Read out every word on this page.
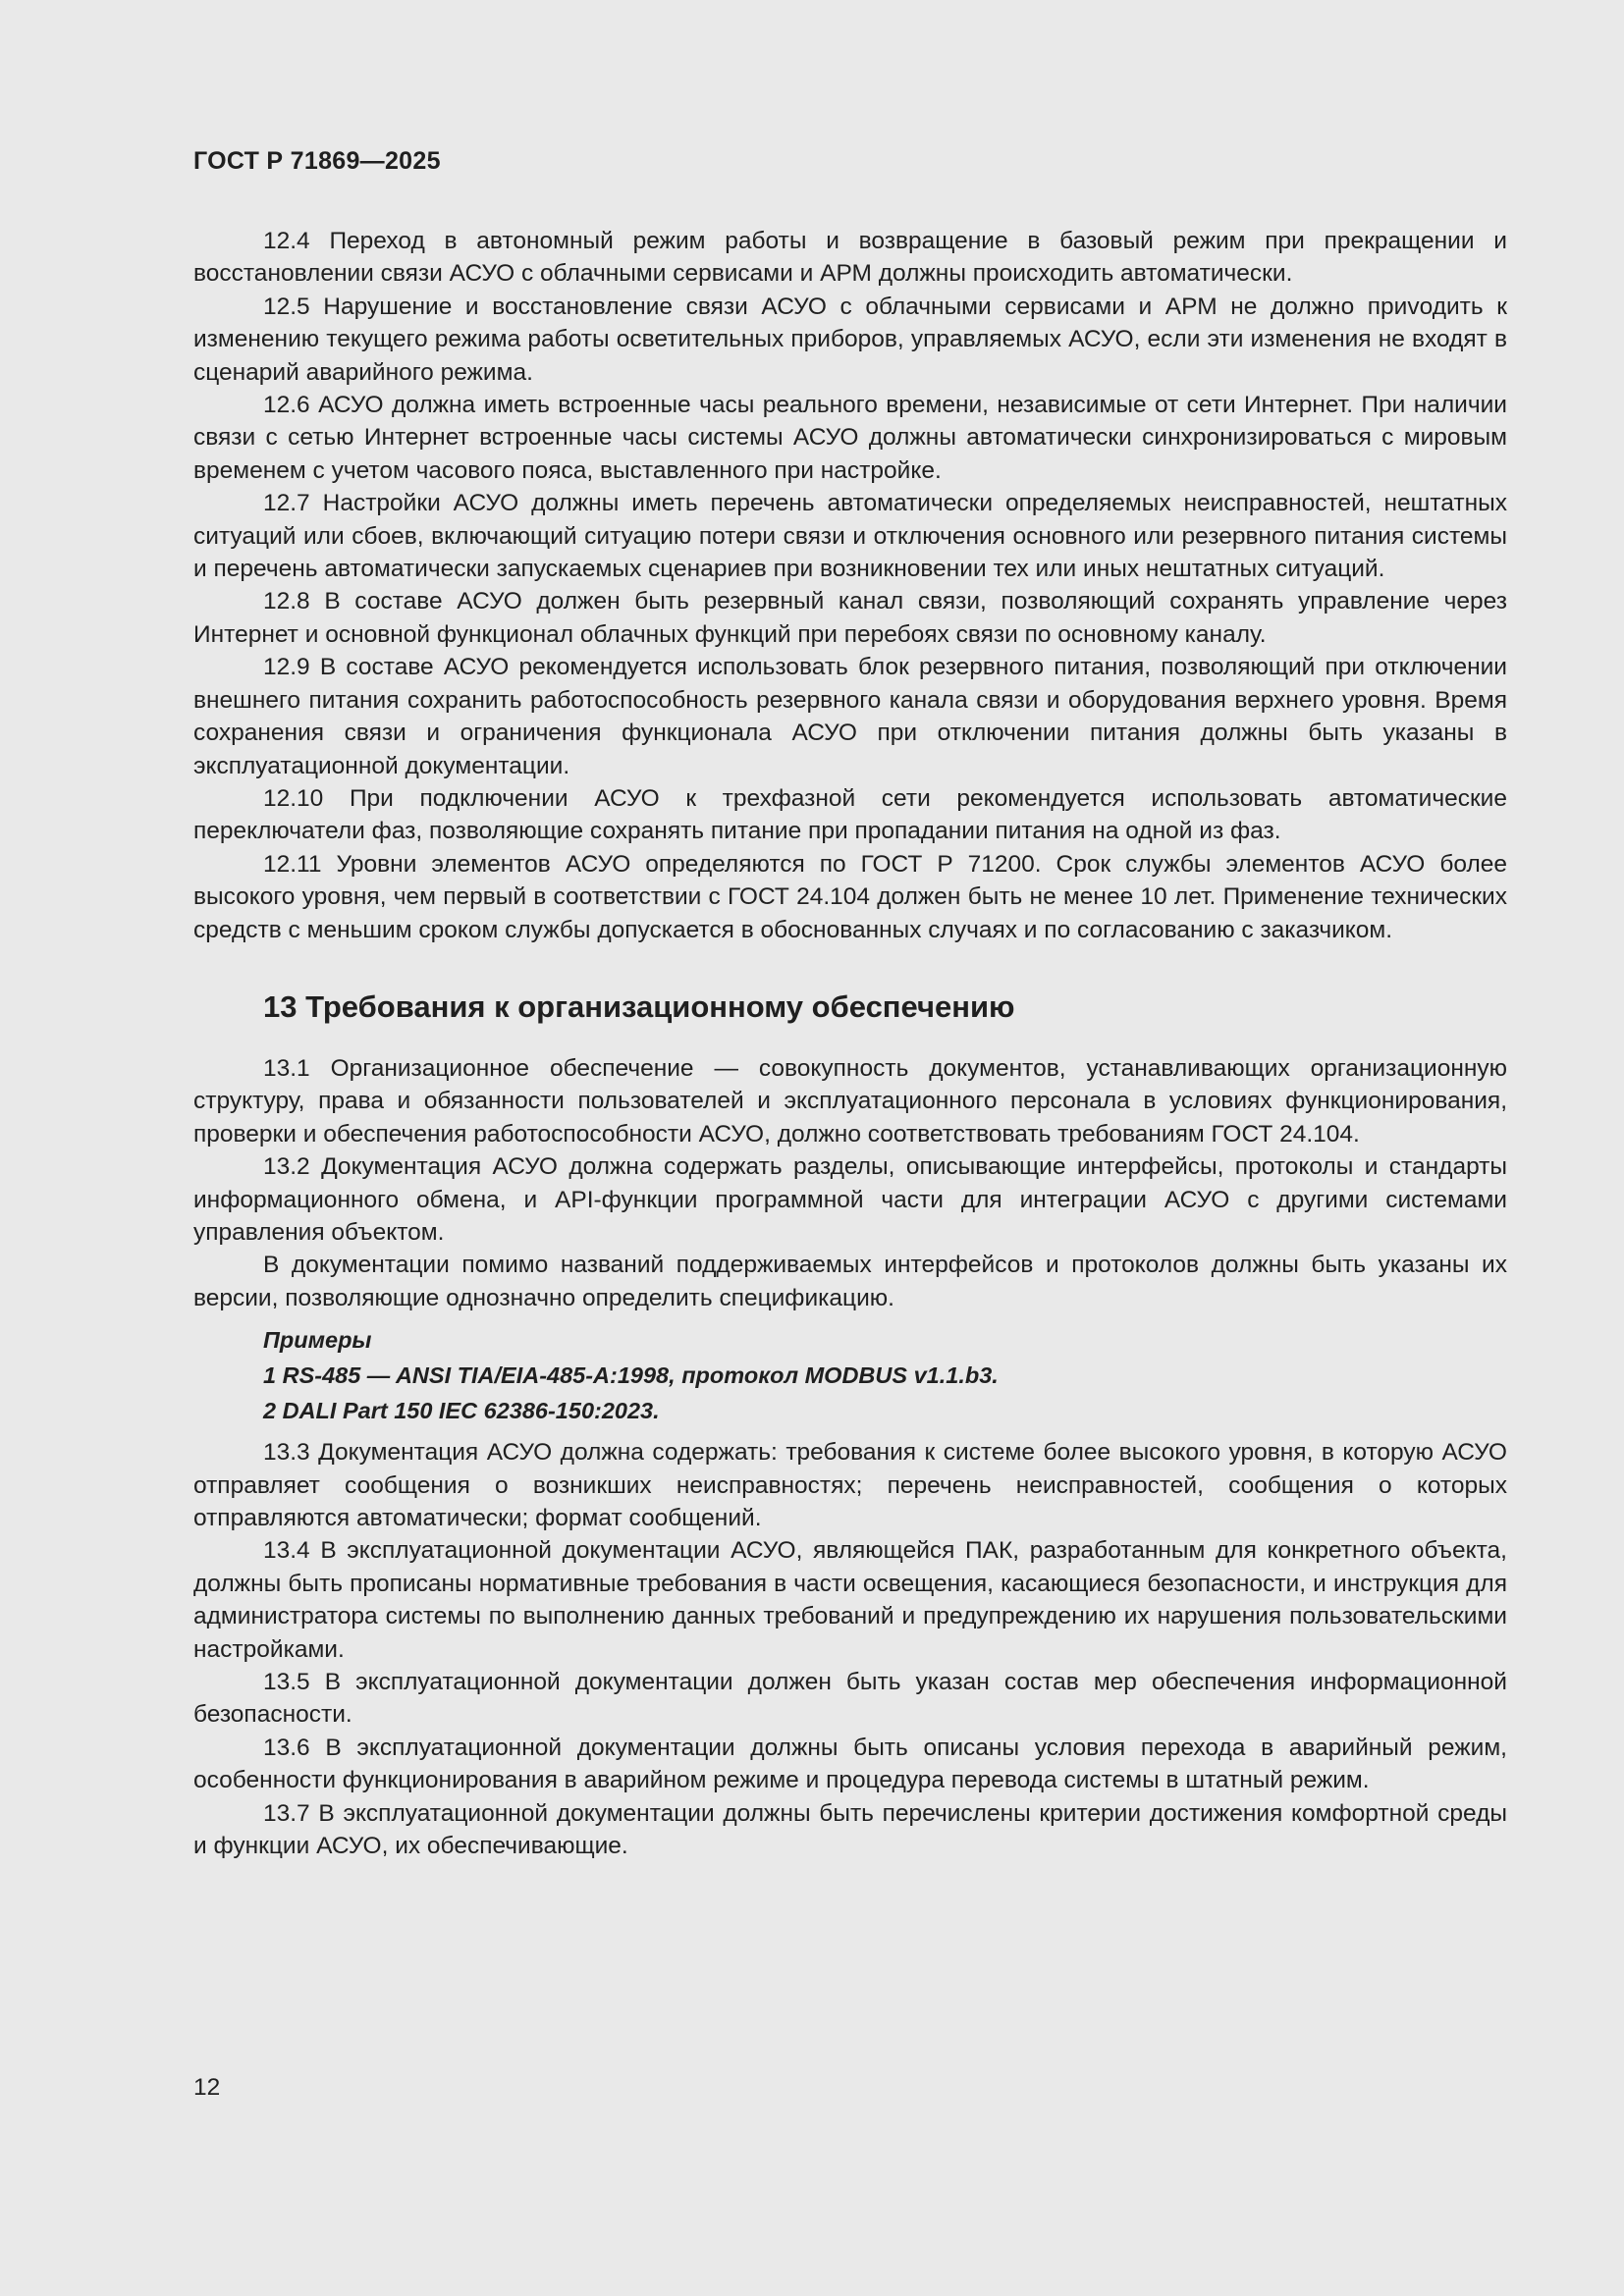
ГОСТ Р 71869—2025

12.4 Переход в автономный режим работы и возвращение в базовый режим при прекращении и восстановлении связи АСУО с облачными сервисами и АРМ должны происходить автоматически.

12.5 Нарушение и восстановление связи АСУО с облачными сервисами и АРМ не должно приvодить к изменению текущего режима работы осветительных приборов, управляемых АСУО, если эти изменения не входят в сценарий аварийного режима.

12.6 АСУО должна иметь встроенные часы реального времени, независимые от сети Интернет. При наличии связи с сетью Интернет встроенные часы системы АСУО должны автоматически синхронизироваться с мировым временем с учетом часового пояса, выставленного при настройке.

12.7 Настройки АСУО должны иметь перечень автоматически определяемых неисправностей, нештатных ситуаций или сбоев, включающий ситуацию потери связи и отключения основного или резервного питания системы и перечень автоматически запускаемых сценариев при возникновении тех или иных нештатных ситуаций.

12.8 В составе АСУО должен быть резервный канал связи, позволяющий сохранять управление через Интернет и основной функционал облачных функций при перебоях связи по основному каналу.

12.9 В составе АСУО рекомендуется использовать блок резервного питания, позволяющий при отключении внешнего питания сохранить работоспособность резервного канала связи и оборудования верхнего уровня. Время сохранения связи и ограничения функционала АСУО при отключении питания должны быть указаны в эксплуатационной документации.

12.10 При подключении АСУО к трехфазной сети рекомендуется использовать автоматические переключатели фаз, позволяющие сохранять питание при пропадании питания на одной из фаз.

12.11 Уровни элементов АСУО определяются по ГОСТ Р 71200. Срок службы элементов АСУО более высокого уровня, чем первый в соответствии с ГОСТ 24.104 должен быть не менее 10 лет. Применение технических средств с меньшим сроком службы допускается в обоснованных случаях и по согласованию с заказчиком.

13 Требования к организационному обеспечению

13.1 Организационное обеспечение — совокупность документов, устанавливающих организационную структуру, права и обязанности пользователей и эксплуатационного персонала в условиях функционирования, проверки и обеспечения работоспособности АСУО, должно соответствовать требованиям ГОСТ 24.104.

13.2 Документация АСУО должна содержать разделы, описывающие интерфейсы, протоколы и стандарты информационного обмена, и API-функции программной части для интеграции АСУО с другими системами управления объектом.

В документации помимо названий поддерживаемых интерфейсов и протоколов должны быть указаны их версии, позволяющие однозначно определить спецификацию.

Примеры
1 RS-485 — ANSI TIA/EIA-485-A:1998, протокол MODBUS v1.1.b3.
2 DALI Part 150 IEC 62386-150:2023.

13.3 Документация АСУО должна содержать: требования к системе более высокого уровня, в которую АСУО отправляет сообщения о возникших неисправностях; перечень неисправностей, сообщения о которых отправляются автоматически; формат сообщений.

13.4 В эксплуатационной документации АСУО, являющейся ПАК, разработанным для конкретного объекта, должны быть прописаны нормативные требования в части освещения, касающиеся безопасности, и инструкция для администратора системы по выполнению данных требований и предупреждению их нарушения пользовательскими настройками.

13.5 В эксплуатационной документации должен быть указан состав мер обеспечения информационной безопасности.

13.6 В эксплуатационной документации должны быть описаны условия перехода в аварийный режим, особенности функционирования в аварийном режиме и процедура перевода системы в штатный режим.

13.7 В эксплуатационной документации должны быть перечислены критерии достижения комфортной среды и функции АСУО, их обеспечивающие.

12
